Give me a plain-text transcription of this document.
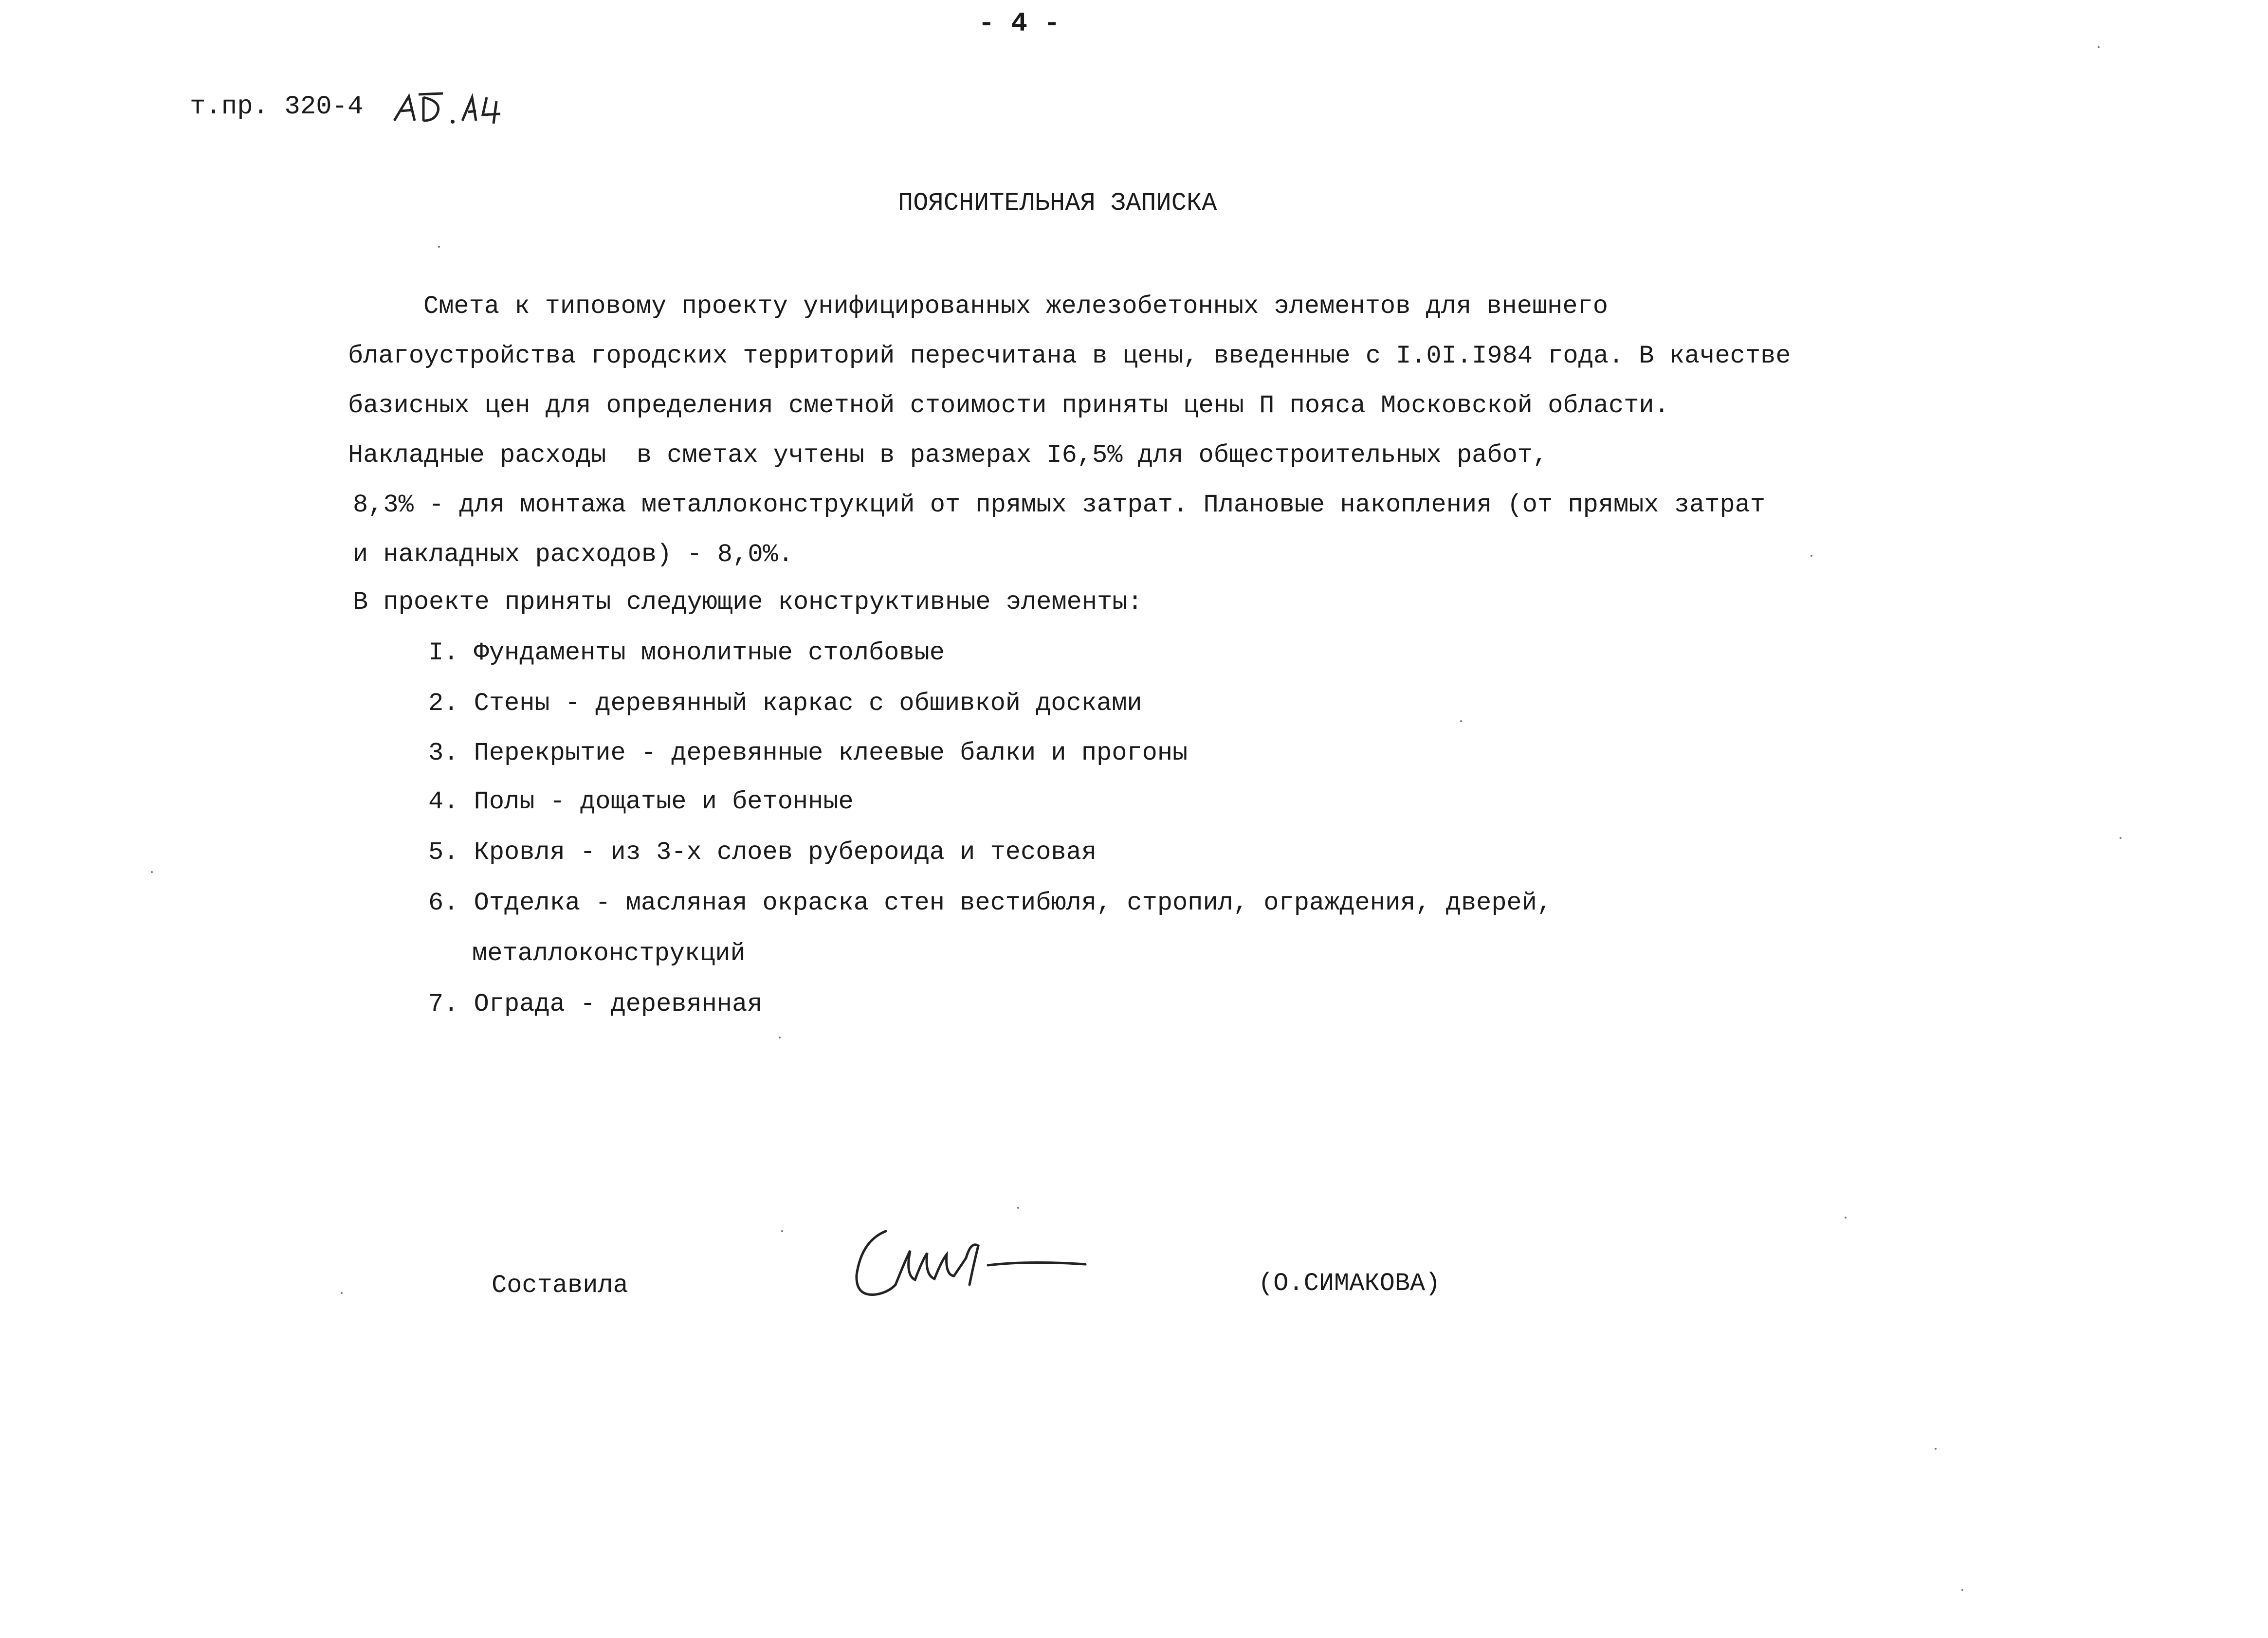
- 4 -
т.пр. 320-4
ПОЯСНИТЕЛЬНАЯ ЗАПИСКА
Смета к типовому проекту унифицированных железобетонных элементов для внешнего
благоустройства городских территорий пересчитана в цены, введенные с I.0I.I984 года. В качестве
базисных цен для определения сметной стоимости приняты цены П пояса Московской области.
Накладные расходы  в сметах учтены в размерах I6,5% для общестроительных работ,
8,3% - для монтажа металлоконструкций от прямых затрат. Плановые накопления (от прямых затрат
и накладных расходов) - 8,0%.
В проекте приняты следующие конструктивные элементы:
I. Фундаменты монолитные столбовые
2. Стены - деревянный каркас с обшивкой досками
3. Перекрытие - деревянные клеевые балки и прогоны
4. Полы - дощатые и бетонные
5. Кровля - из 3-х слоев рубероида и тесовая
6. Отделка - масляная окраска стен вестибюля, стропил, ограждения, дверей,
металлоконструкций
7. Ограда - деревянная
Составила	(О.СИМАКОВА)
